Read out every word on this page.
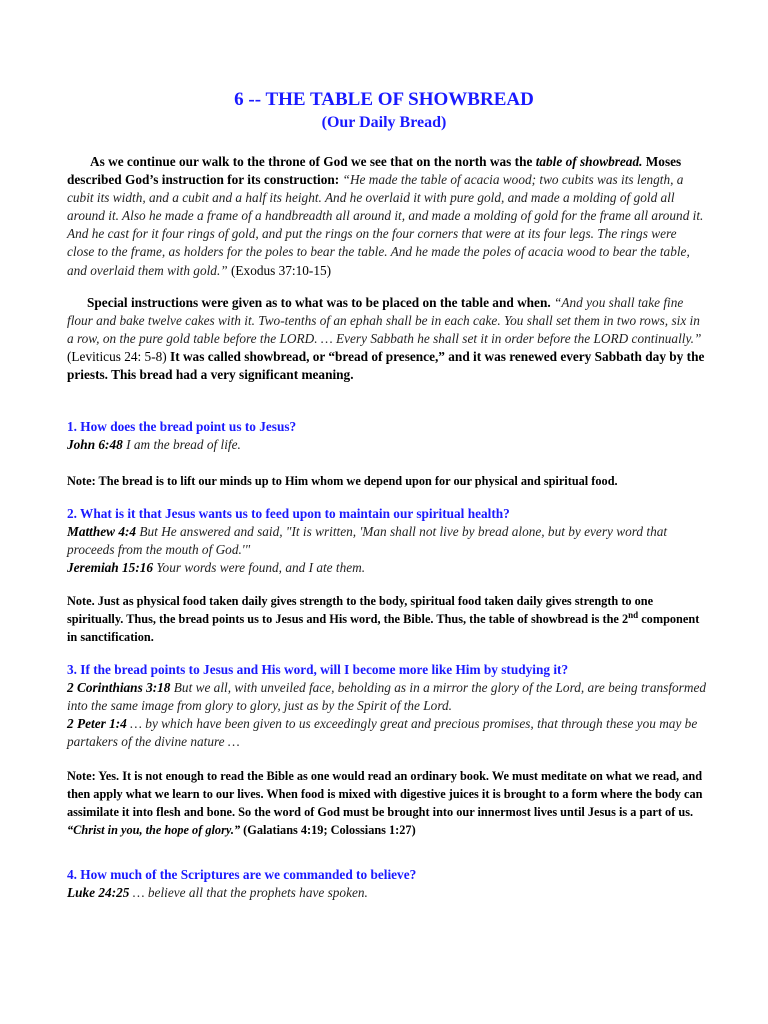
6 -- THE TABLE OF SHOWBREAD
(Our Daily Bread)
As we continue our walk to the throne of God we see that on the north was the table of showbread. Moses described God’s instruction for its construction: “He made the table of acacia wood; two cubits was its length, a cubit its width, and a cubit and a half its height. And he overlaid it with pure gold, and made a molding of gold all around it. Also he made a frame of a handbreadth all around it, and made a molding of gold for the frame all around it. And he cast for it four rings of gold, and put the rings on the four corners that were at its four legs. The rings were close to the frame, as holders for the poles to bear the table. And he made the poles of acacia wood to bear the table, and overlaid them with gold.” (Exodus 37:10-15)
Special instructions were given as to what was to be placed on the table and when. “And you shall take fine flour and bake twelve cakes with it. Two-tenths of an ephah shall be in each cake. You shall set them in two rows, six in a row, on the pure gold table before the LORD. … Every Sabbath he shall set it in order before the LORD continually.” (Leviticus 24: 5-8) It was called showbread, or “bread of presence,” and it was renewed every Sabbath day by the priests. This bread had a very significant meaning.
1. How does the bread point us to Jesus?
John 6:48 I am the bread of life.
Note: The bread is to lift our minds up to Him whom we depend upon for our physical and spiritual food.
2. What is it that Jesus wants us to feed upon to maintain our spiritual health?
Matthew 4:4 But He answered and said, "It is written, 'Man shall not live by bread alone, but by every word that proceeds from the mouth of God.'"
Jeremiah 15:16 Your words were found, and I ate them.
Note. Just as physical food taken daily gives strength to the body, spiritual food taken daily gives strength to one spiritually. Thus, the bread points us to Jesus and His word, the Bible. Thus, the table of showbread is the 2nd component in sanctification.
3. If the bread points to Jesus and His word, will I become more like Him by studying it?
2 Corinthians 3:18 But we all, with unveiled face, beholding as in a mirror the glory of the Lord, are being transformed into the same image from glory to glory, just as by the Spirit of the Lord.
2 Peter 1:4 … by which have been given to us exceedingly great and precious promises, that through these you may be partakers of the divine nature …
Note: Yes. It is not enough to read the Bible as one would read an ordinary book. We must meditate on what we read, and then apply what we learn to our lives. When food is mixed with digestive juices it is brought to a form where the body can assimilate it into flesh and bone. So the word of God must be brought into our innermost lives until Jesus is a part of us. “Christ in you, the hope of glory.” (Galatians 4:19; Colossians 1:27)
4. How much of the Scriptures are we commanded to believe?
Luke 24:25 … believe all that the prophets have spoken.
